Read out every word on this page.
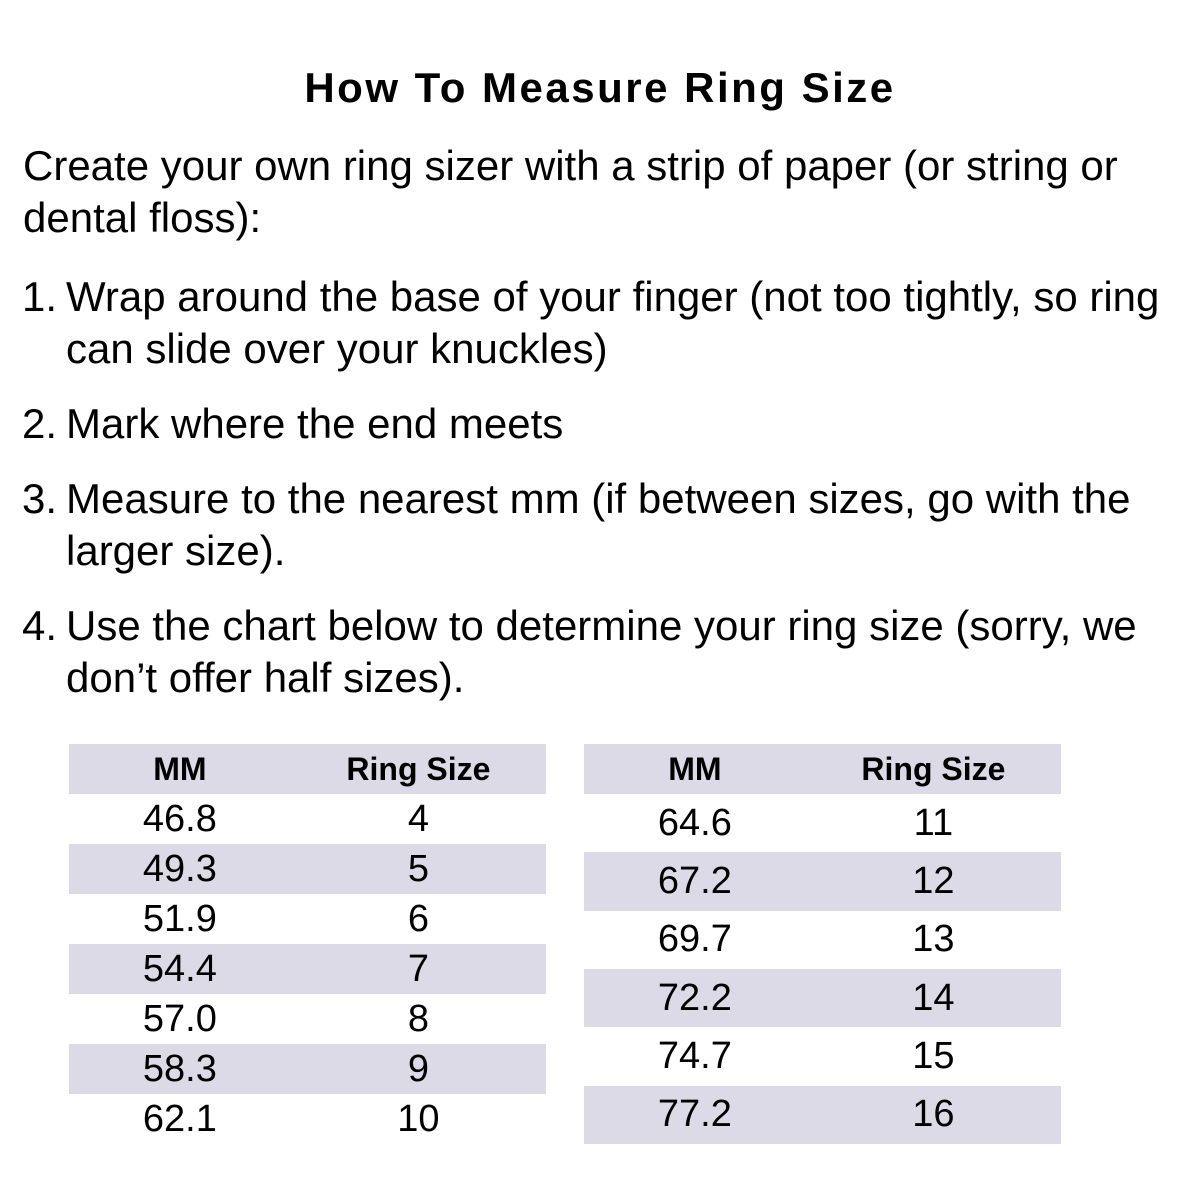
How To Measure Ring Size
Create your own ring sizer with a strip of paper (or string or
dental floss):
1. Wrap around the base of your finger (not too tightly, so ring
can slide over your knuckles)
2. Mark where the end meets
3. Measure to the nearest mm (if between sizes, go with the
larger size).
4. Use the chart below to determine your ring size (sorry, we
don’t offer half sizes).
MM	Ring Size
46.8	4
49.3	5
51.9	6
54.4	7
57.0	8
58.3	9
62.1	10
MM	Ring Size
64.6	11
67.2	12
69.7	13
72.2	14
74.7	15
77.2	16
